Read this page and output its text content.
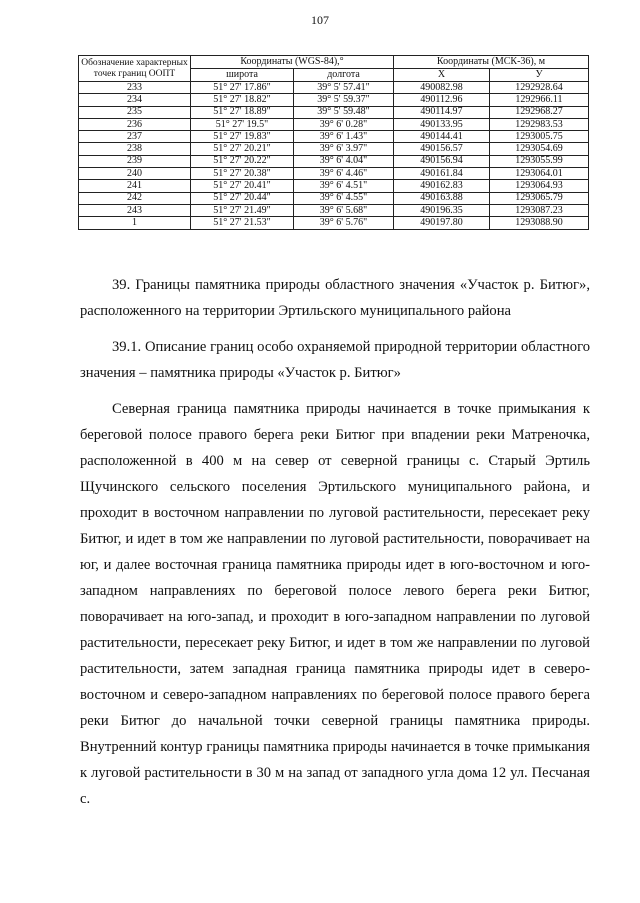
107
Обозначение характерных точек границ ООПТ	Координаты (WGS-84),°		Координаты (МСК-36), м	
	широта	долгота	X	У
233	51° 27' 17.86"	39° 5' 57.41"	490082.98	1292928.64
234	51° 27' 18.82"	39° 5' 59.37"	490112.96	1292966.11
235	51° 27' 18.89"	39° 5' 59.48"	490114.97	1292968.27
236	51° 27' 19.5"	39° 6' 0.28"	490133.95	1292983.53
237	51° 27' 19.83"	39° 6' 1.43"	490144.41	1293005.75
238	51° 27' 20.21"	39° 6' 3.97"	490156.57	1293054.69
239	51° 27' 20.22"	39° 6' 4.04"	490156.94	1293055.99
240	51° 27' 20.38"	39° 6' 4.46"	490161.84	1293064.01
241	51° 27' 20.41"	39° 6' 4.51"	490162.83	1293064.93
242	51° 27' 20.44"	39° 6' 4.55"	490163.88	1293065.79
243	51° 27' 21.49"	39° 6' 5.68"	490196.35	1293087.23
1	51° 27' 21.53"	39° 6' 5.76"	490197.80	1293088.90

39. Границы памятника природы областного значения «Участок р. Битюг», расположенного на территории Эртильского муниципального района

39.1. Описание границ особо охраняемой природной территории областного значения – памятника природы «Участок р. Битюг»

Северная граница памятника природы начинается в точке примыкания к береговой полосе правого берега реки Битюг при впадении реки Матреночка, расположенной в 400 м на север от северной границы с. Старый Эртиль Щучинского сельского поселения Эртильского муниципального района, и проходит в восточном направлении по луговой растительности, пересекает реку Битюг, и идет в том же направлении по луговой растительности, поворачивает на юг, и далее восточная граница памятника природы идет в юго-восточном и юго-западном направлениях по береговой полосе левого берега реки Битюг, поворачивает на юго-запад, и проходит в юго-западном направлении по луговой растительности, пересекает реку Битюг, и идет в том же направлении по луговой растительности, затем западная граница памятника природы идет в северо-восточном и северо-западном направлениях по береговой полосе правого берега реки Битюг до начальной точки северной границы памятника природы. Внутренний контур границы памятника природы начинается в точке примыкания к луговой растительности в 30 м на запад от западного угла дома 12 ул. Песчаная с.
